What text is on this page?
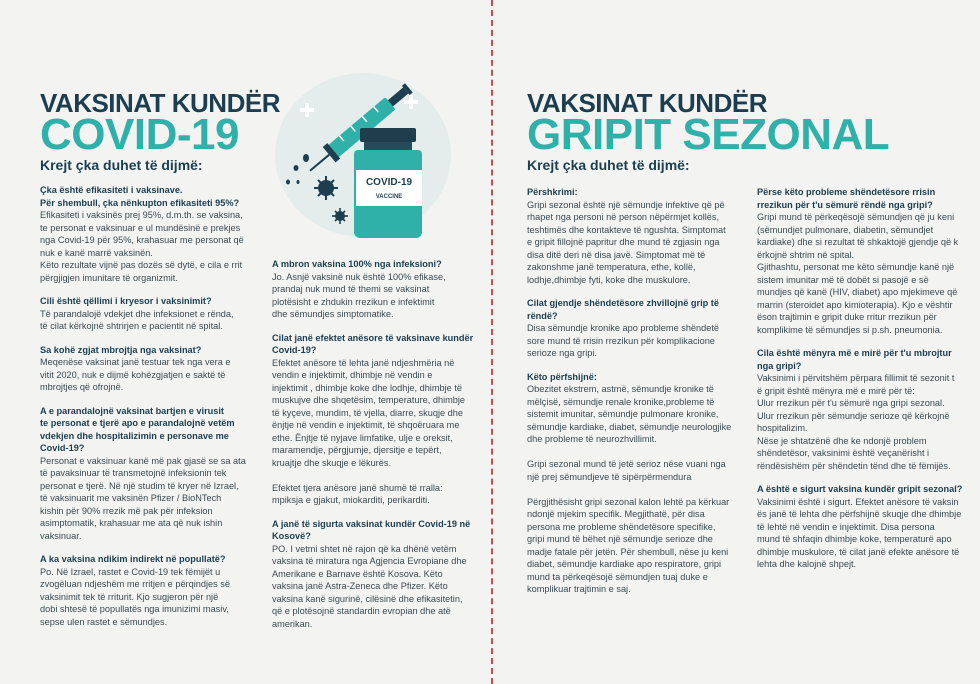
VAKSINAT KUNDËR
COVID-19
Krejt çka duhet të dijmë:
Çka është efikasiteti i vaksinave.
Për shembull, çka nënkupton efikasiteti 95%?
Efikasiteti i vaksinës prej 95%, d.m.th. se vaksina,
te personat e vaksinuar e ul mundësinë e prekjes
nga Covid-19 për 95%, krahasuar me personat që
nuk e kanë marrë vaksinën.
Këto rezultate vijnë pas dozës së dytë, e cila e rrit
përgjigjen imunitare të organizmit.
Cili është qëllimi i kryesor i vaksinimit?
Të parandalojë vdekjet dhe infeksionet e rënda,
të cilat kërkojnë shtrirjen e pacientit në spital.
Sa kohë zgjat mbrojtja nga vaksinat?
Meqenëse vaksinat janë testuar tek nga vera e
vitit 2020, nuk e dijmë kohëzgjatjen e saktë të
mbrojtjes që ofrojnë.
A e parandalojnë vaksinat bartjen e virusit
te personat e tjerë apo e parandalojnë vetëm
vdekjen dhe hospitalizimin e personave me
Covid-19?
Personat e vaksinuar kanë më pak gjasë se sa ata
të pavaksinuar të transmetojnë infeksionin tek
personat e tjerë. Në një studim të kryer në Izrael,
të vaksinuarit me vaksinën Pfizer / BioNTech
kishin për 90% rrezik më pak për infeksion
asimptomatik, krahasuar me ata që nuk ishin
vaksinuar.
A ka vaksina ndikim indirekt në popullatë?
Po. Në Izrael, rastet e Covid-19 tek fëmijët u
zvogëluan ndjeshëm me rritjen e përqindjes së
vaksinimit tek të rriturit. Kjo sugjeron për një
dobi shtesë të popullatës nga imunizimi masiv,
sepse ulen rastet e sëmundjes.
A mbron vaksina 100% nga infeksioni?
Jo. Asnjë vaksinë nuk është 100% efikase,
prandaj nuk mund të themi se vaksinat
plotësisht e zhdukin rrezikun e infektimit
dhe sëmundjes simptomatike.
Cilat janë efektet anësore të vaksinave kundër
Covid-19?
Efektet anësore të lehta janë ndjeshmëria në
vendin e injektimit, dhimbje në vendin e
injektimit , dhimbje koke dhe lodhje, dhimbje të
muskujve dhe shqetësim, temperature, dhimbje
të kyçeve, mundim, të vjella, diarre, skuqje dhe
ënjtje në vendin e injektimit, të shqoëruara me
ethe. Ënjtje të nyjave limfatike, ulje e oreksit,
maramendje, përgjumje, djersitje e tepërt,
kruajtje dhe skuqje e lëkurës.

Efektet tjera anësore janë shumë të rralla:
mpiksja e gjakut, miokarditi, perikarditi.
A janë të sigurta vaksinat kundër Covid-19 në
Kosovë?
PO. I vetmi shtet në rajon që ka dhënë vetëm
vaksina të miratura nga Agjencia Evropiane dhe
Amerikane e Barnave është Kosova. Këto
vaksina janë Astra-Zeneca dhe Pfizer. Këto
vaksina kanë sigurinë, cilësinë dhe efikasitetin,
që e plotësojnë standardin evropian dhe atë
amerikan.
COVID-19
VACCINE
VAKSINAT KUNDËR
GRIPIT SEZONAL
Krejt çka duhet të dijmë:
Përshkrimi:
Gripi sezonal është një sëmundje infektive që pë
rhapet nga personi në person nëpërmjet kollës,
teshtimës dhe kontakteve të ngushta. Simptomat
e gripit fillojnë papritur dhe mund të zgjasin nga
disa ditë deri në disa javë. Simptomat më të
zakonshme janë temperatura, ethe, kollë,
lodhje,dhimbje fyti, koke dhe muskulore.
Cilat gjendje shëndetësore zhvillojnë grip të
rëndë?
Disa sëmundje kronike apo probleme shëndetë
sore mund të rrisin rrezikun për komplikacione
serioze nga gripi.
Këto përfshijnë:
Obezitet ekstrem, astmë, sëmundje kronike të
mëlçisë, sëmundje renale kronike,probleme të
sistemit imunitar, sëmundje pulmonare kronike,
sëmundje kardiake, diabet, sëmundje neurologjike
dhe probleme të neurozhvillimit.

Gripi sezonal mund të jetë serioz nëse vuani nga
një prej sëmundjeve të sipërpërmendura

Përgjithësisht gripi sezonal kalon lehtë pa kërkuar
ndonjë mjekim specifik. Megjithatë, për disa
persona me probleme shëndetësore specifike,
gripi mund të bëhet një sëmundje serioze dhe
madje fatale për jetën. Për shembull, nëse ju keni
diabet, sëmundje kardiake apo respiratore, gripi
mund ta përkeqësojë sëmundjen tuaj duke e
komplikuar trajtimin e saj.
Përse këto probleme shëndetësore rrisin
rrezikun për t'u sëmurë rëndë nga gripi?
Gripi mund të përkeqësojë sëmundjen që ju keni
(sëmundjet pulmonare, diabetin, sëmundjet
kardiake) dhe si rezultat të shkaktojë gjendje që k
ërkojnë shtrim në spital.
Gjithashtu, personat me këto sëmundje kanë një
sistem imunitar më të dobët si pasojë e së
mundjes që kanë (HIV, diabet) apo mjekimeve që
marrin (steroidet apo kimioterapia). Kjo e vështir
ëson trajtimin e gripit duke rritur rrezikun për
komplikime të sëmundjes si p.sh. pneumonia.
Cila është mënyra më e mirë për t'u mbrojtur
nga gripi?
Vaksinimi i përvitshëm përpara fillimit të sezonit t
ë gripit është mënyra më e mirë për të:
Ulur rrezikun për t'u sëmurë nga gripi sezonal.
Ulur rrezikun për sëmundje serioze që kërkojnë
hospitalizim.
Nëse je shtatzënë dhe ke ndonjë problem
shëndetësor, vaksinimi është veçanërisht i
rëndësishëm për shëndetin tënd dhe të fëmijës.
A është e sigurt vaksina kundër gripit sezonal?
Vaksinimi është i sigurt. Efektet anësore të vaksin
ës janë të lehta dhe përfshijnë skuqje dhe dhimbje
të lehtë në vendin e injektimit. Disa persona
mund të shfaqin dhimbje koke, temperaturë apo
dhimbje muskulore, të cilat janë efekte anësore të
lehta dhe kalojnë shpejt.
